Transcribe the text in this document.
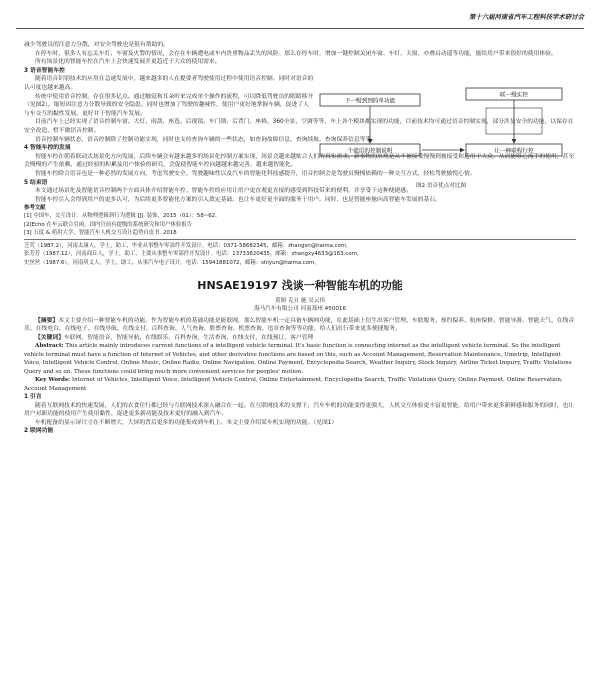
第十六届河南省汽车工程科技学术研讨会
下一级到到的单功能
个能语的控制说明
联一级实控
让一种联程行控
图2 语音优点对比图

减少驾驶员的注意力分散，对安全驾驶也是很有帮助的。

在停车时，很多人有忘关车灯、车窗及火警的情况，会存在车辆遭电或车内贵重物品丢失的风险。那么在停车时，增加一键控制关闭车窗、车灯、天窗、亦叠启动遥等功能，能给用户带来很好的使用体验。

所有场景化的智能车控在汽车上会快速发展并更趋近于大众的使用需求。

3 语音智能车控

随着语音识别技术的应用在急速发展中，越来越多的人在提要者驾驶使用过程中使用语音控制。同时对语音的认可度也越来越高。

传统中使用语音控制，存在很多亿点。通过触觉和耳朵听来完成单个操作的流程，可以降低驾驶员的眼睛移开（见图2），缩短因注意力分散导致的安全隐患。同时也增加了驾驶的趣味性，使用户更好地掌握车辆，促进了人与车交互的黏性发展，更好并于智能汽车发展。

目前汽车上已经实现了语音控制车窗、大灯、雨刮、座选、后视镜、车门锁、后背门、座椅、360全景、空调等等，车上各个模块都实现的功能，目前技术均可通过语音控制实现，部分涉及安全的功能，以保存在安全改造，暂不做语音控制。

语音控制车辆状态，语音控制除了控制功能实现，同时也支持查询车辆的一些状态，如查询故障信息、查询续航、查询保养信息等等。

4 智能车控的发展

智能车控在朝着联动式场景化方向发展，后续车辆会有越来越多的场景化控制方案实现，场景会越来越贴合人们的真实需求。新事物的出现是从不被接受慢慢到被接受和适用于大众，从而能够心流手的使用，甚至会慢慢的产生依赖，通过经验的积累及用户体验的研究，会促使智能车控向越越来越完善，越来越智能化。

智能车控除合语音也是一种必然的发展方向，考虑驾驶安全、驾驶趣味性以及汽车的智能化科技感提升，语音控制会是驾驶员慢慢依赖的一种交互方式，轻松驾驶愉悦心情。

5 结束语

本文通过场景化及智能语音控制两个方面具体介绍智能车控。智能车控的应用让用户更直观更直接的感受到科技带来的便利，并享受于这种便捷感。

智能车控引入会得到用户的更多认可，为后续更多智能化方案的引入奠定基础。也让车更好更全面的服务于用户。同时，也是智能座舱向高智能车发展的基石。

参考文献

[1] 中国车，交互设计：从物理逻辑到行为逻辑 [J]. 装饰，2015（01）：58~62.

[2]Echo 在车云联合引函，国内官前有提级的系统研究和用户体验报告

[3] 五度 & 萌用大学，智能汽车人机交互设计趋势自皮书. 2018

芝荧（1987.2），河南太康人，学士，助工，毕业从事整车零部件开发设计。电话：0371-58682345，邮箱：zhangsn@haima.com。

张芳芳（1987.12），河南商丘人，学士，助工，主要从事整车零部件开发设计。电话：13733820435，邮箱：zhangxy4633@163.com。

史丝丝（1987.6），河南巩义人，学士，助工，从事汽车电子设计。电话：15941881072，邮箱：shiyun@haima.com。

HNSAE19197 浅谈一种智能车机的功能
黄图 克且 施 吴云伟
海马汽车有限公司 河南郑州 450016

【摘要】本文主要介绍一种智能车机的功能。作为智能车机的基础功能是能联网，那么智能车机一定具备车辆网功能，在此基础上衍生出客户管理、车联服务、预约保养、航座保修、智能导游、智能天气、在线音乐、在线电台、在线电子、在线导航、在线支付、百科查询、人气查询、股票查询、机票查询、违章查询等等功能，给人们出行带来更多便捷服务。

【关键词】车联网，智能语音，智能导航，在线娱乐，百科查询，生活查询，在线支付，在线预订，客户管理

Abstract: This article mainly introduces current functions of a intelligent vehicle terminal. It's basic function is connecting internet as the intelligent vehicle terminal. So the intelligent vehicle terminal must have a function of Internet of Vehicles, and other derivative functions are based on this, such as Account Management, Reservation Maintenance, Umetrip, Intelligent Voice, Intelligent Vehicle Control, Online Music, Online Radio, Online Navigation, Online Payment, Encyclopedia Search, Weather Inquiry, Stock Inquiry, Airline Ticket Inquiry, Traffic Violations Query and so on. These functions could bring much more convenient services for peoples' motion.

Key Words: Internet of Vehicles, Intelligent Voice, Intelligent Vehicle Control, Online Entertainment, Encyclopedia Search, Traffic Violations Query, Online Payment, Online Reservation, Account Management

1 引言

随着互联网技术的快速发展，人们的衣食住行都已经与互联网技术深入融合在一起。在互联网技术的支撑下，汽车车机的功能变得更强大，人机交互体验更丰富更智能，给用户带来更多新鲜感和服务的同时，也让用户对新功能的使用产生使用黏性，促进更多新功能及技术更好的融入到汽车。

车机配备的显示屏尺寸在不断增大，大屏的背后更多的功能集成到车机上。本文主要介绍某车机实现的功能。（见图1）

2 联网功能
